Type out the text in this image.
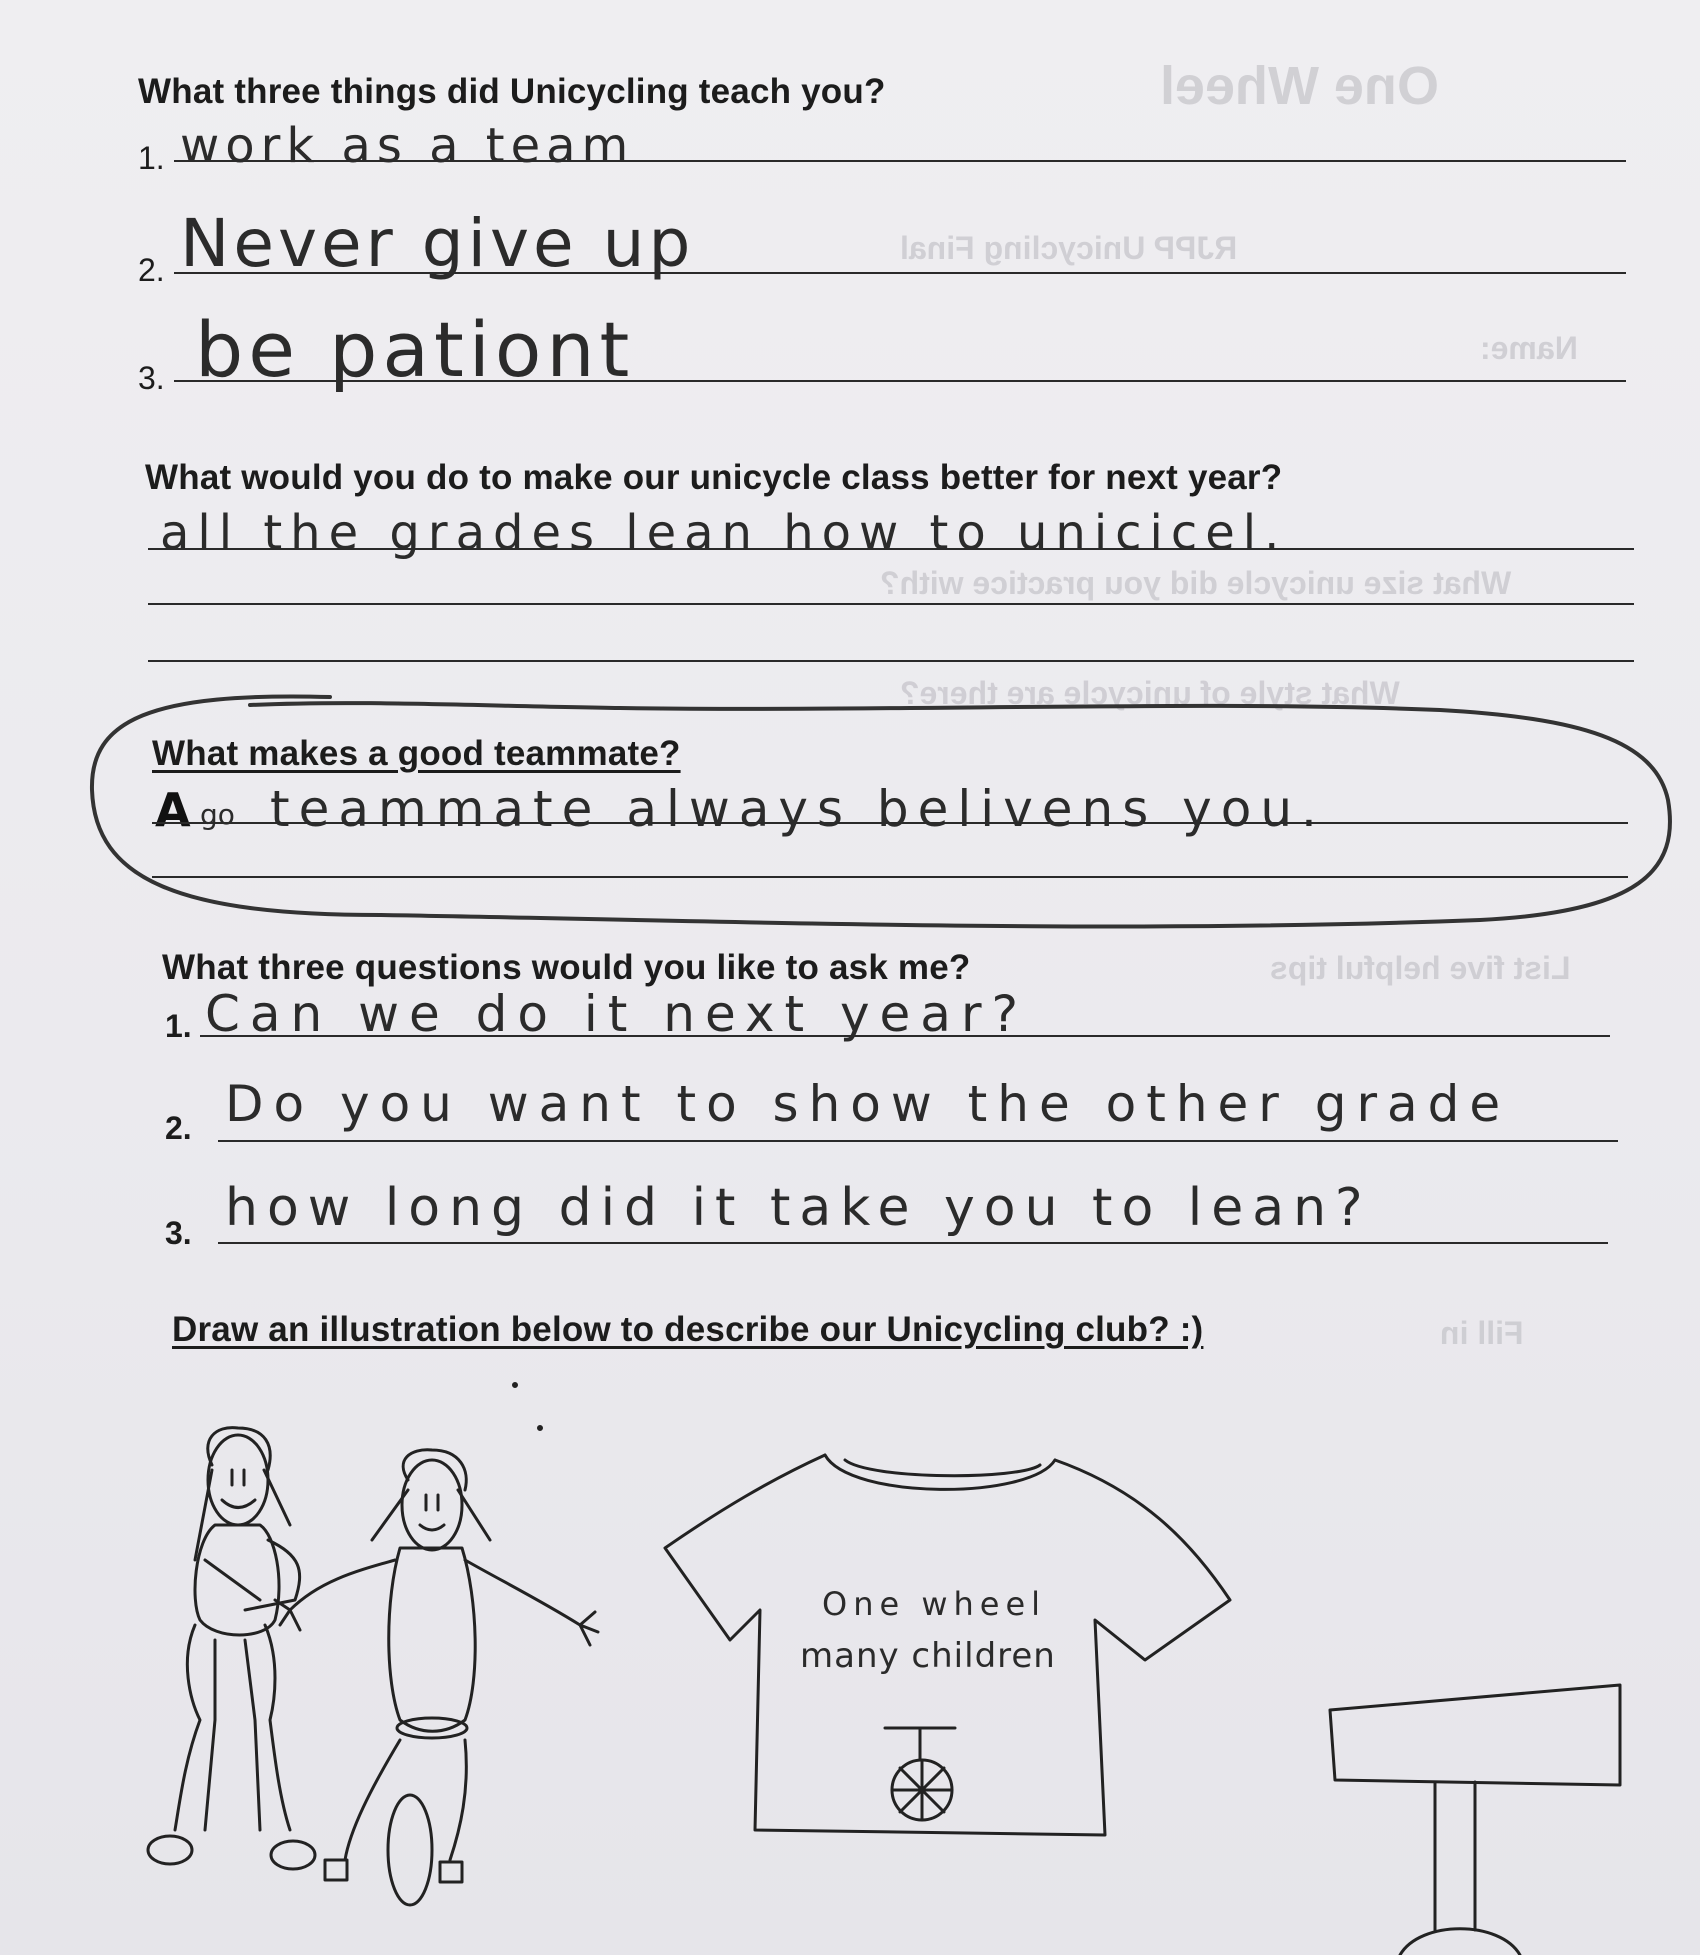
One Wheel
RJPP Unicycling Final
Name:
What size unicycle did you practice with?
What style of unicycle are there?
List five helpful tips
Fill in
What three things did Unicycling teach you?
1. work as a team
2. Never give up
3. be pationt
What would you do to make our unicycle class better for next year?
all the grades lean how to unicicel.
What makes a good teammate?
A go teammate always belivens you.
What three questions would you like to ask me?
1. Can we do it next year?
2. Do you want to show the other grade
3. how long did it take you to lean?
Draw an illustration below to describe our Unicycling club? :)
One wheel
many children
